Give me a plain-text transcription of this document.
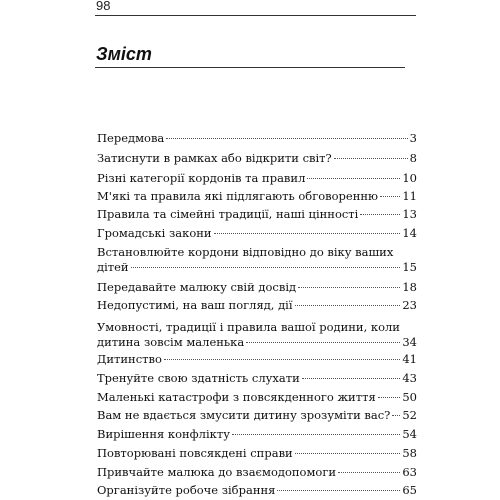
98
Зміст
Передмова	3
Затиснути в рамках або відкрити світ?	8
Різні категорії кордонів та правил	10
М'які та правила які підлягають обговоренню 11
Правила та сімейні традиції, наші цінності	13
Громадські закони	14
Встановлюйте кордони відповідно до віку ваших
дітей	15
Передавайте малюку свій досвід	18
Недопустимі, на ваш погляд, дії	23
Умовності, традиції і правила вашої родини, коли
дитина зовсім маленька	34
Дитинство	41
Тренуйте свою здатність слухати	43
Маленькі катастрофи з повсякденного життя 50
Вам не вдається змусити дитину зрозуміти вас? 52
Вирішення конфлікту	54
Повторювані повсякдені справи	58
Привчайте малюка до взаємодопомоги	63
Організуйте робоче зібрання	65
